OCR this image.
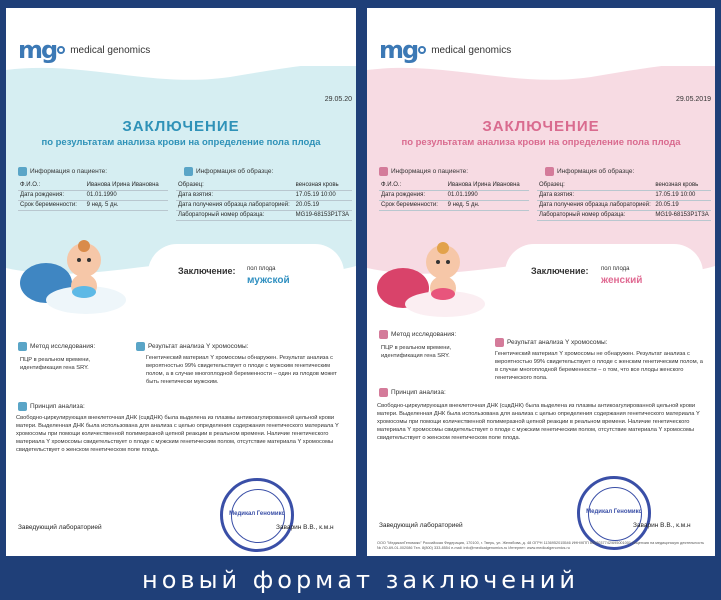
mg medical genomics
29.05.20
ЗАКЛЮЧЕНИЕ
по результатам анализа крови на определение пола плода
Информация о пациенте:	Информация об образце:
Ф.И.О.:	Иванова Ирина Ивановна
Дата рождения:	01.01.1990
Срок беременности:	9 нед. 5 дн.
Образец:	венозная кровь
Дата взятия:	17.05.19 10:00
Дата получения образца лабораторией:	20.05.19
Лабораторный номер образца:	MG19-68153P1T3A
Заключение: пол плода
мужской
Метод исследования:
ПЦР в реальном времени, идентификация гена SRY.
Результат анализа Y хромосомы:
Генетический материал Y хромосомы обнаружен. Результат анализа с вероятностью 99% свидетельствует о плоде с мужским генетическим полом, а в случае многоплодной беременности – один из плодов может быть генетически мужским.
Принцип анализа:
Свободно-циркулирующая внеклеточная ДНК (сцвДНК) была выделена из плазмы антикоагулированной цельной крови матери. Выделенная ДНК была использована для анализа с целью определения содержания генетического материала Y хромосомы при помощи количественной полимеразной цепной реакции в реальном времени. Наличие генетического материала Y хромосомы свидетельствует о плоде с мужским генетическим полом, отсутствие материала Y хромосомы свидетельствует о женском генетическом поле плода.
Медикал Геномикс
Заведующий лабораторией	Заварин В.В., к.м.н
mg medical genomics
29.05.2019
ЗАКЛЮЧЕНИЕ
по результатам анализа крови на определение пола плода
Информация о пациенте:	Информация об образце:
Ф.И.О.:	Иванова Ирина Ивановна
Дата рождения:	01.01.1990
Срок беременности:	9 нед. 5 дн.
Образец:	венозная кровь
Дата взятия:	17.05.19 10:00
Дата получения образца лабораторией:	20.05.19
Лабораторный номер образца:	MG19-68153P1T3A
Заключение: пол плода
женский
Метод исследования:
ПЦР в реальном времени, идентификация гена SRY.
Результат анализа Y хромосомы:
Генетический материал Y хромосомы не обнаружен. Результат анализа с вероятностью 99% свидетельствует о плоде с женским генетическим полом, а в случае многоплодной беременности – о том, что все плоды женского генетического пола.
Принцип анализа:
Свободно-циркулирующая внеклеточная ДНК (сцвДНК) была выделена из плазмы антикоагулированной цельной крови матери. Выделенная ДНК была использована для анализа с целью определения содержания генетического материала Y хромосомы при помощи количественной полимеразной цепной реакции в реальном времени. Наличие генетического материала Y хромосомы свидетельствует о плоде с мужским генетическим полом, отсутствие материала Y хромосомы свидетельствует о женском генетическом поле плода.
Медикал Геномикс
Заведующий лабораторией	Заварин В.В., к.м.н
ООО "МедикалГеномикс" Российская Федерация, 170100, г. Тверь, ул. Желябова, д. 48 ОГРН 1136952015546 ИНН/КПП 6952037742/695001001 Лицензия на медицинскую деятельность № ЛО-69-01-002086 Тел. 8(800) 333-8554 e-mail: info@medicalgenomics.ru Интернет: www.medicalgenomics.ru
новый формат заключений
